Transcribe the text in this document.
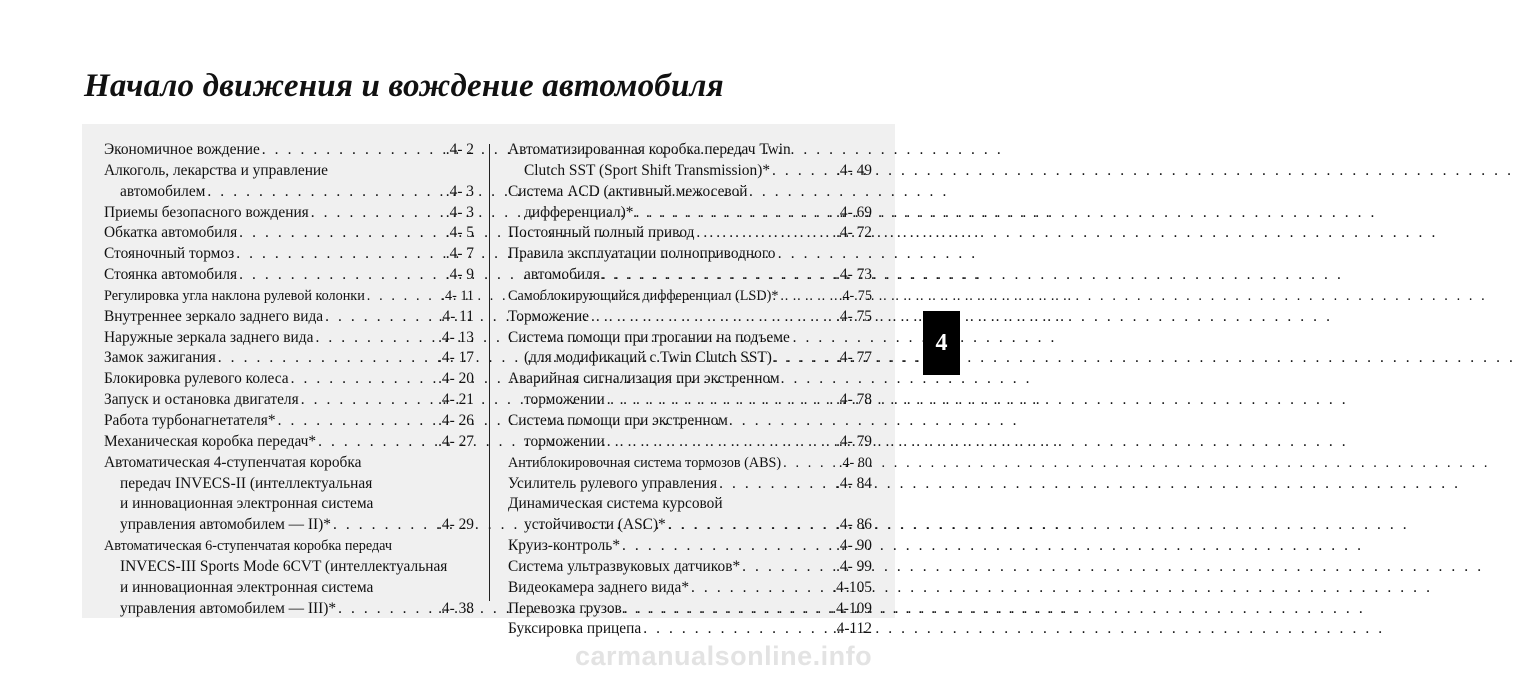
Начало движения и вождение автомобиля
Экономичное вождение . . .	.4- 2
Алкоголь, лекарства и управление
автомобилем . . .	.4- 3
Приемы безопасного вождения . . .	.4- 3
Обкатка автомобиля . . .	.4- 5
Стояночный тормоз . . .	.4- 7
Стоянка автомобиля . . .	.4- 9
Регулировка угла наклона рулевой колонки . . .	.4- 11
Внутреннее зеркало заднего вида . . .	.4- 11
Наружные зеркала заднего вида . . .	.4- 13
Замок зажигания . . .	.4- 17
Блокировка рулевого колеса . . .	.4- 20
Запуск и остановка двигателя . . .	.4- 21
Работа турбонагнетателя* . . .	.4- 26
Механическая коробка передач* . . .	.4- 27
Автоматическая 4-ступенчатая коробка
передач INVECS-II (интеллектуальная
и инновационная электронная система
управления автомобилем — II)* . . .	.4- 29
Автоматическая 6-ступенчатая коробка передач
INVECS-III Sports Mode 6CVT (интеллектуальная
и инновационная электронная система
управления автомобилем — III)* . . .	.4- 38
Автоматизированная коробка передач Twin
Clutch SST (Sport Shift Transmission)* . . .	.4- 49
Система ACD (активный межосевой
дифференциал)* . . .	.4- 69
Постоянный полный привод . . .	.4- 72
Правила эксплуатации полноприводного
автомобиля . . .	.4- 73
Самоблокирующийся дифференциал (LSD)* . . .	.4- 75
Торможение . . .	.4- 75
Система помощи при трогании на подъеме
(для модификаций с Twin Clutch SST) . . .	.4- 77
Аварийная сигнализация при экстренном
торможении . . .	.4- 78
Система помощи при экстренном
торможении . . .	.4- 79
Антиблокировочная система тормозов (ABS) . . .	.4- 80
Усилитель рулевого управления . . .	.4- 84
Динамическая система курсовой
устойчивости (ASC)* . . .	.4- 86
Круиз-контроль* . . .	.4- 90
Система ультразвуковых датчиков* . . .	.4- 99
Видеокамера заднего вида* . . .	.4-105
Перевозка грузов . . .	.4-109
Буксировка прицепа . . .	.4-112
4
carmanualsonline.info
